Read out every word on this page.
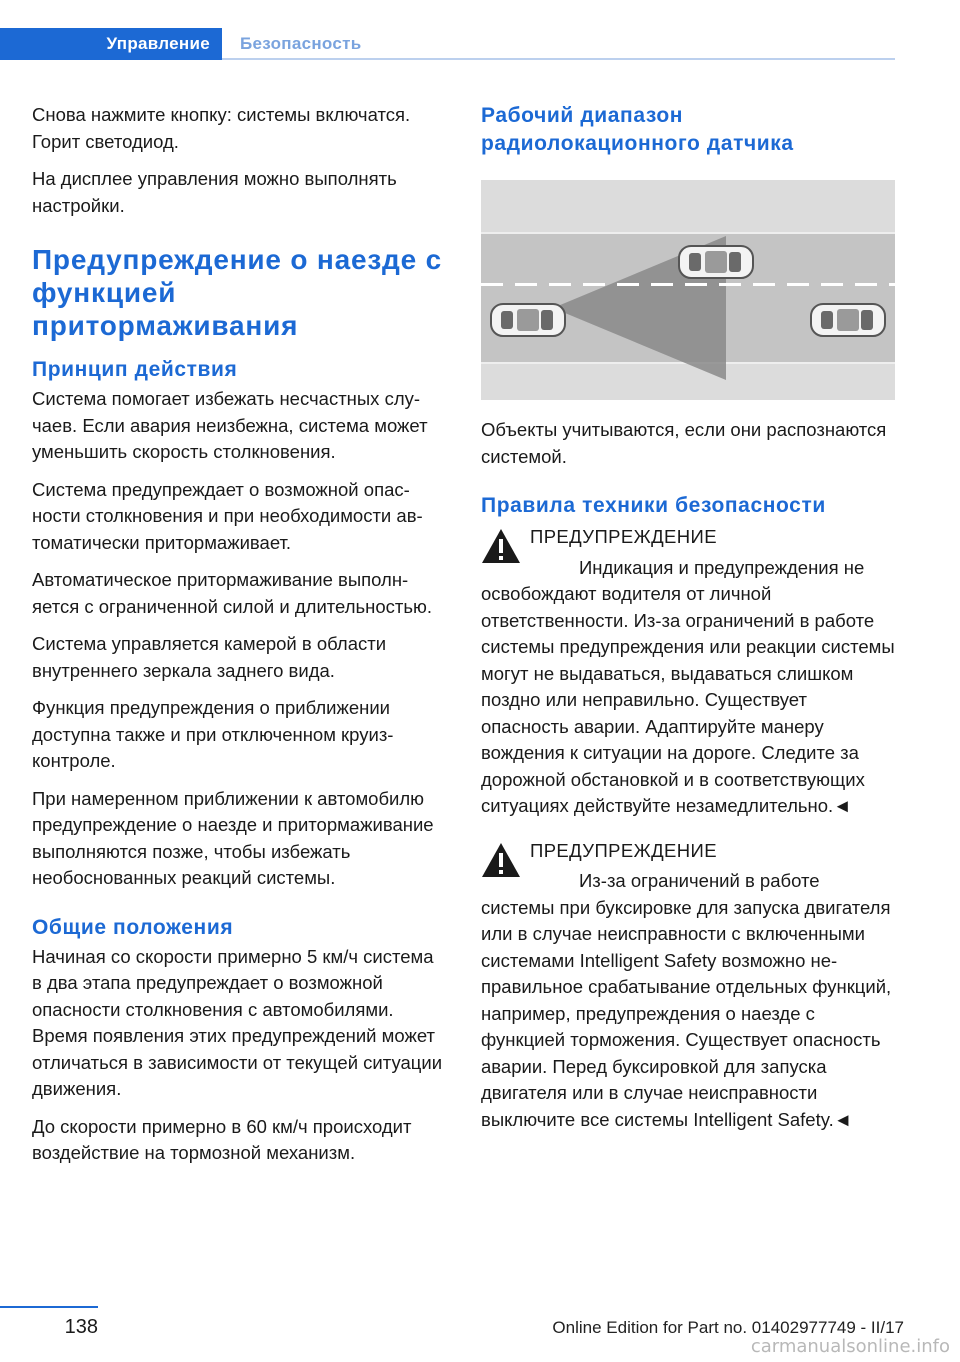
Управление	Безопасность

Снова нажмите кнопку: системы включатся. Горит светодиод.

На дисплее управления можно выполнять настройки.

Предупреждение о наезде с функцией притормаживания
Принцип действия

Система помогает избежать несчастных случаев. Если авария неизбежна, система может уменьшить скорость столкновения.

Система предупреждает о возможной опасности столкновения и при необходимости автоматически притормаживает.

Автоматическое притормаживание выполняется с ограниченной силой и длительностью.

Система управляется камерой в области внутреннего зеркала заднего вида.

Функция предупреждения о приближении доступна также и при отключенном круиз-контроле.

При намеренном приближении к автомобилю предупреждение о наезде и притормаживание выполняются позже, чтобы избежать необоснованных реакций системы.

Общие положения

Начиная со скорости примерно 5 км/ч система в два этапа предупреждает о возможной опасности столкновения с автомобилями. Время появления этих предупреждений может отличаться в зависимости от текущей ситуации движения.

До скорости примерно в 60 км/ч происходит воздействие на тормозной механизм.

Рабочий диапазон радиолокационного датчика

Объекты учитываются, если они распознаются системой.

Правила техники безопасности

ПРЕДУПРЕЖДЕНИЕ

Индикация и предупреждения не освобождают водителя от личной ответственности. Из-за ограничений в работе системы предупреждения или реакции системы могут не выдаваться, выдаваться слишком поздно или неправильно. Существует опасность аварии. Адаптируйте манеру вождения к ситуации на дороге. Следите за дорожной обстановкой и в соответствующих ситуациях действуйте незамедлительно.◄

ПРЕДУПРЕЖДЕНИЕ

Из-за ограничений в работе системы при буксировке для запуска двигателя или в случае неисправности с включенными системами Intelligent Safety возможно неправильное срабатывание отдельных функций, например, предупреждения о наезде с функцией торможения. Существует опасность аварии. Перед буксировкой для запуска двигателя или в случае неисправности выключите все системы Intelligent Safety.◄

138	Online Edition for Part no. 01402977749 - II/17
carmanualsonline.info
